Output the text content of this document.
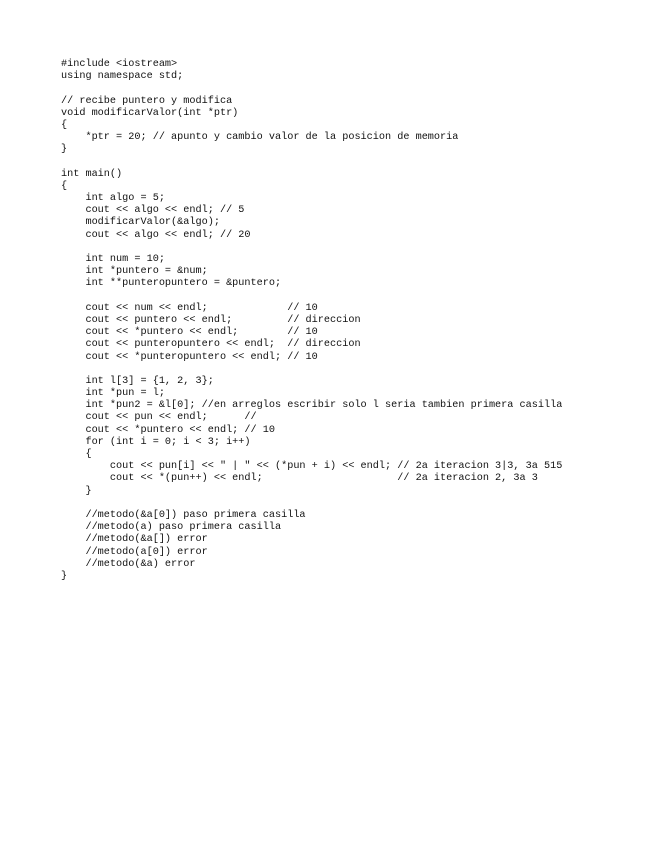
#include <iostream>
using namespace std;

// recibe puntero y modifica
void modificarValor(int *ptr)
{
*ptr = 20; // apunto y cambio valor de la posicion de memoria
}

int main()
{
int algo = 5;
cout << algo << endl; // 5
modificarValor(&algo);
cout << algo << endl; // 20

int num = 10;
int *puntero = &num;
int **punteropuntero = &puntero;

cout << num << endl;             // 10
cout << puntero << endl;         // direccion
cout << *puntero << endl;        // 10
cout << punteropuntero << endl;  // direccion
cout << *punteropuntero << endl; // 10

int l[3] = {1, 2, 3};
int *pun = l;
int *pun2 = &l[0]; //en arreglos escribir solo l seria tambien primera casilla
cout << pun << endl;      //
cout << *puntero << endl; // 10
for (int i = 0; i < 3; i++)
{
cout << pun[i] << " | " << (*pun + i) << endl; // 2a iteracion 3|3, 3a 515
cout << *(pun++) << endl;                      // 2a iteracion 2, 3a 3
}

//metodo(&a[0]) paso primera casilla
//metodo(a) paso primera casilla
//metodo(&a[]) error
//metodo(a[0]) error
//metodo(&a) error
}
